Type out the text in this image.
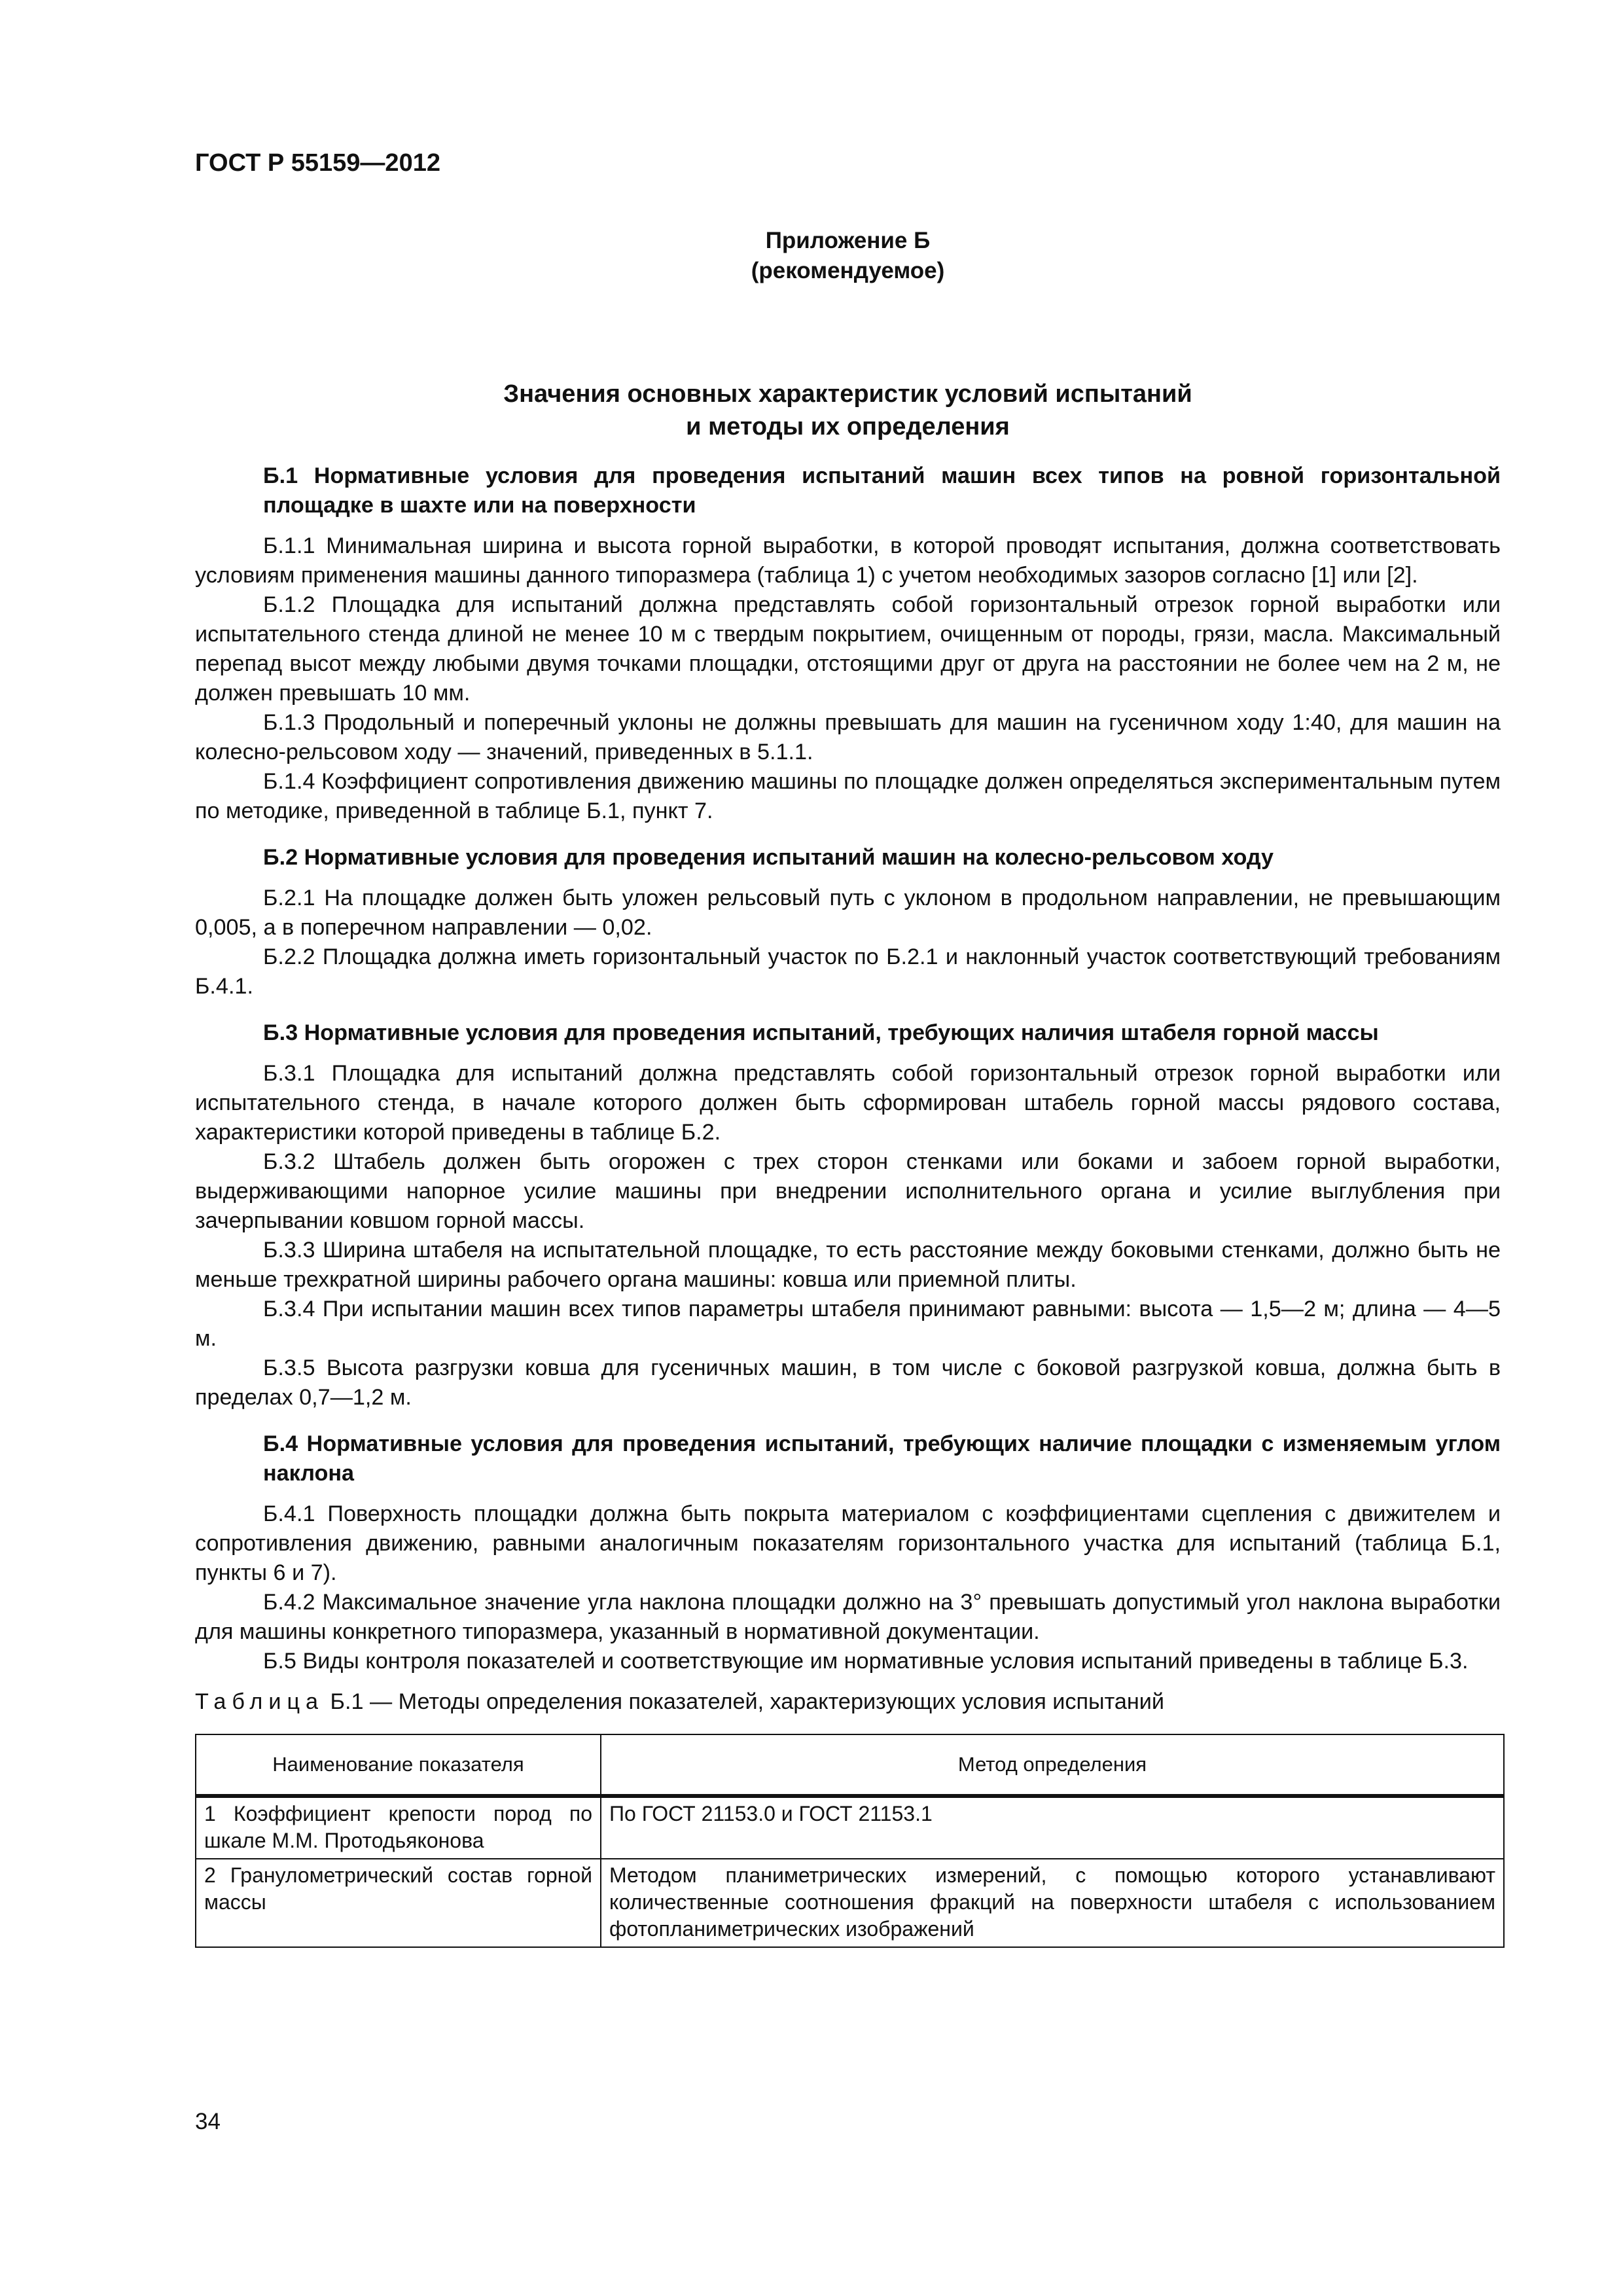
ГОСТ Р 55159—2012
Приложение Б
(рекомендуемое)
Значения основных характеристик условий испытаний
и методы их определения
Б.1 Нормативные условия для проведения испытаний машин всех типов на ровной горизонтальной площадке в шахте или на поверхности

Б.1.1 Минимальная ширина и высота горной выработки, в которой проводят испытания, должна соответствовать условиям применения машины данного типоразмера (таблица 1) с учетом необходимых зазоров согласно [1] или [2].

Б.1.2 Площадка для испытаний должна представлять собой горизонтальный отрезок горной выработки или испытательного стенда длиной не менее 10 м с твердым покрытием, очищенным от породы, грязи, масла. Максимальный перепад высот между любыми двумя точками площадки, отстоящими друг от друга на расстоянии не более чем на 2 м, не должен превышать 10 мм.

Б.1.3 Продольный и поперечный уклоны не должны превышать для машин на гусеничном ходу 1:40, для машин на колесно-рельсовом ходу — значений, приведенных в 5.1.1.

Б.1.4 Коэффициент сопротивления движению машины по площадке должен определяться экспериментальным путем по методике, приведенной в таблице Б.1, пункт 7.

Б.2 Нормативные условия для проведения испытаний машин на колесно-рельсовом ходу

Б.2.1 На площадке должен быть уложен рельсовый путь с уклоном в продольном направлении, не превышающим 0,005, а в поперечном направлении — 0,02.

Б.2.2 Площадка должна иметь горизонтальный участок по Б.2.1 и наклонный участок соответствующий требованиям Б.4.1.

Б.3 Нормативные условия для проведения испытаний, требующих наличия штабеля горной массы

Б.3.1 Площадка для испытаний должна представлять собой горизонтальный отрезок горной выработки или испытательного стенда, в начале которого должен быть сформирован штабель горной массы рядового состава, характеристики которой приведены в таблице Б.2.

Б.3.2 Штабель должен быть огорожен с трех сторон стенками или боками и забоем горной выработки, выдерживающими напорное усилие машины при внедрении исполнительного органа и усилие выглубления при зачерпывании ковшом горной массы.

Б.3.3 Ширина штабеля на испытательной площадке, то есть расстояние между боковыми стенками, должно быть не меньше трехкратной ширины рабочего органа машины: ковша или приемной плиты.

Б.3.4 При испытании машин всех типов параметры штабеля принимают равными: высота — 1,5—2 м; длина — 4—5 м.

Б.3.5 Высота разгрузки ковша для гусеничных машин, в том числе с боковой разгрузкой ковша, должна быть в пределах 0,7—1,2 м.

Б.4 Нормативные условия для проведения испытаний, требующих наличие площадки с изменяемым углом наклона

Б.4.1 Поверхность площадки должна быть покрыта материалом с коэффициентами сцепления с движителем и сопротивления движению, равными аналогичным показателям горизонтального участка для испытаний (таблица Б.1, пункты 6 и 7).

Б.4.2 Максимальное значение угла наклона площадки должно на 3° превышать допустимый угол наклона выработки для машины конкретного типоразмера, указанный в нормативной документации.

Б.5 Виды контроля показателей и соответствующие им нормативные условия испытаний приведены в таблице Б.3.

Таблица Б.1 — Методы определения показателей, характеризующих условия испытаний

Наименование показателя	Метод определения
1 Коэффициент крепости пород по шкале М.М. Протодьяконова	По ГОСТ 21153.0 и ГОСТ 21153.1
2 Гранулометрический состав горной массы	Методом планиметрических измерений, с помощью которого устанавливают количественные соотношения фракций на поверхности штабеля с использованием фотопланиметрических изображений
34
